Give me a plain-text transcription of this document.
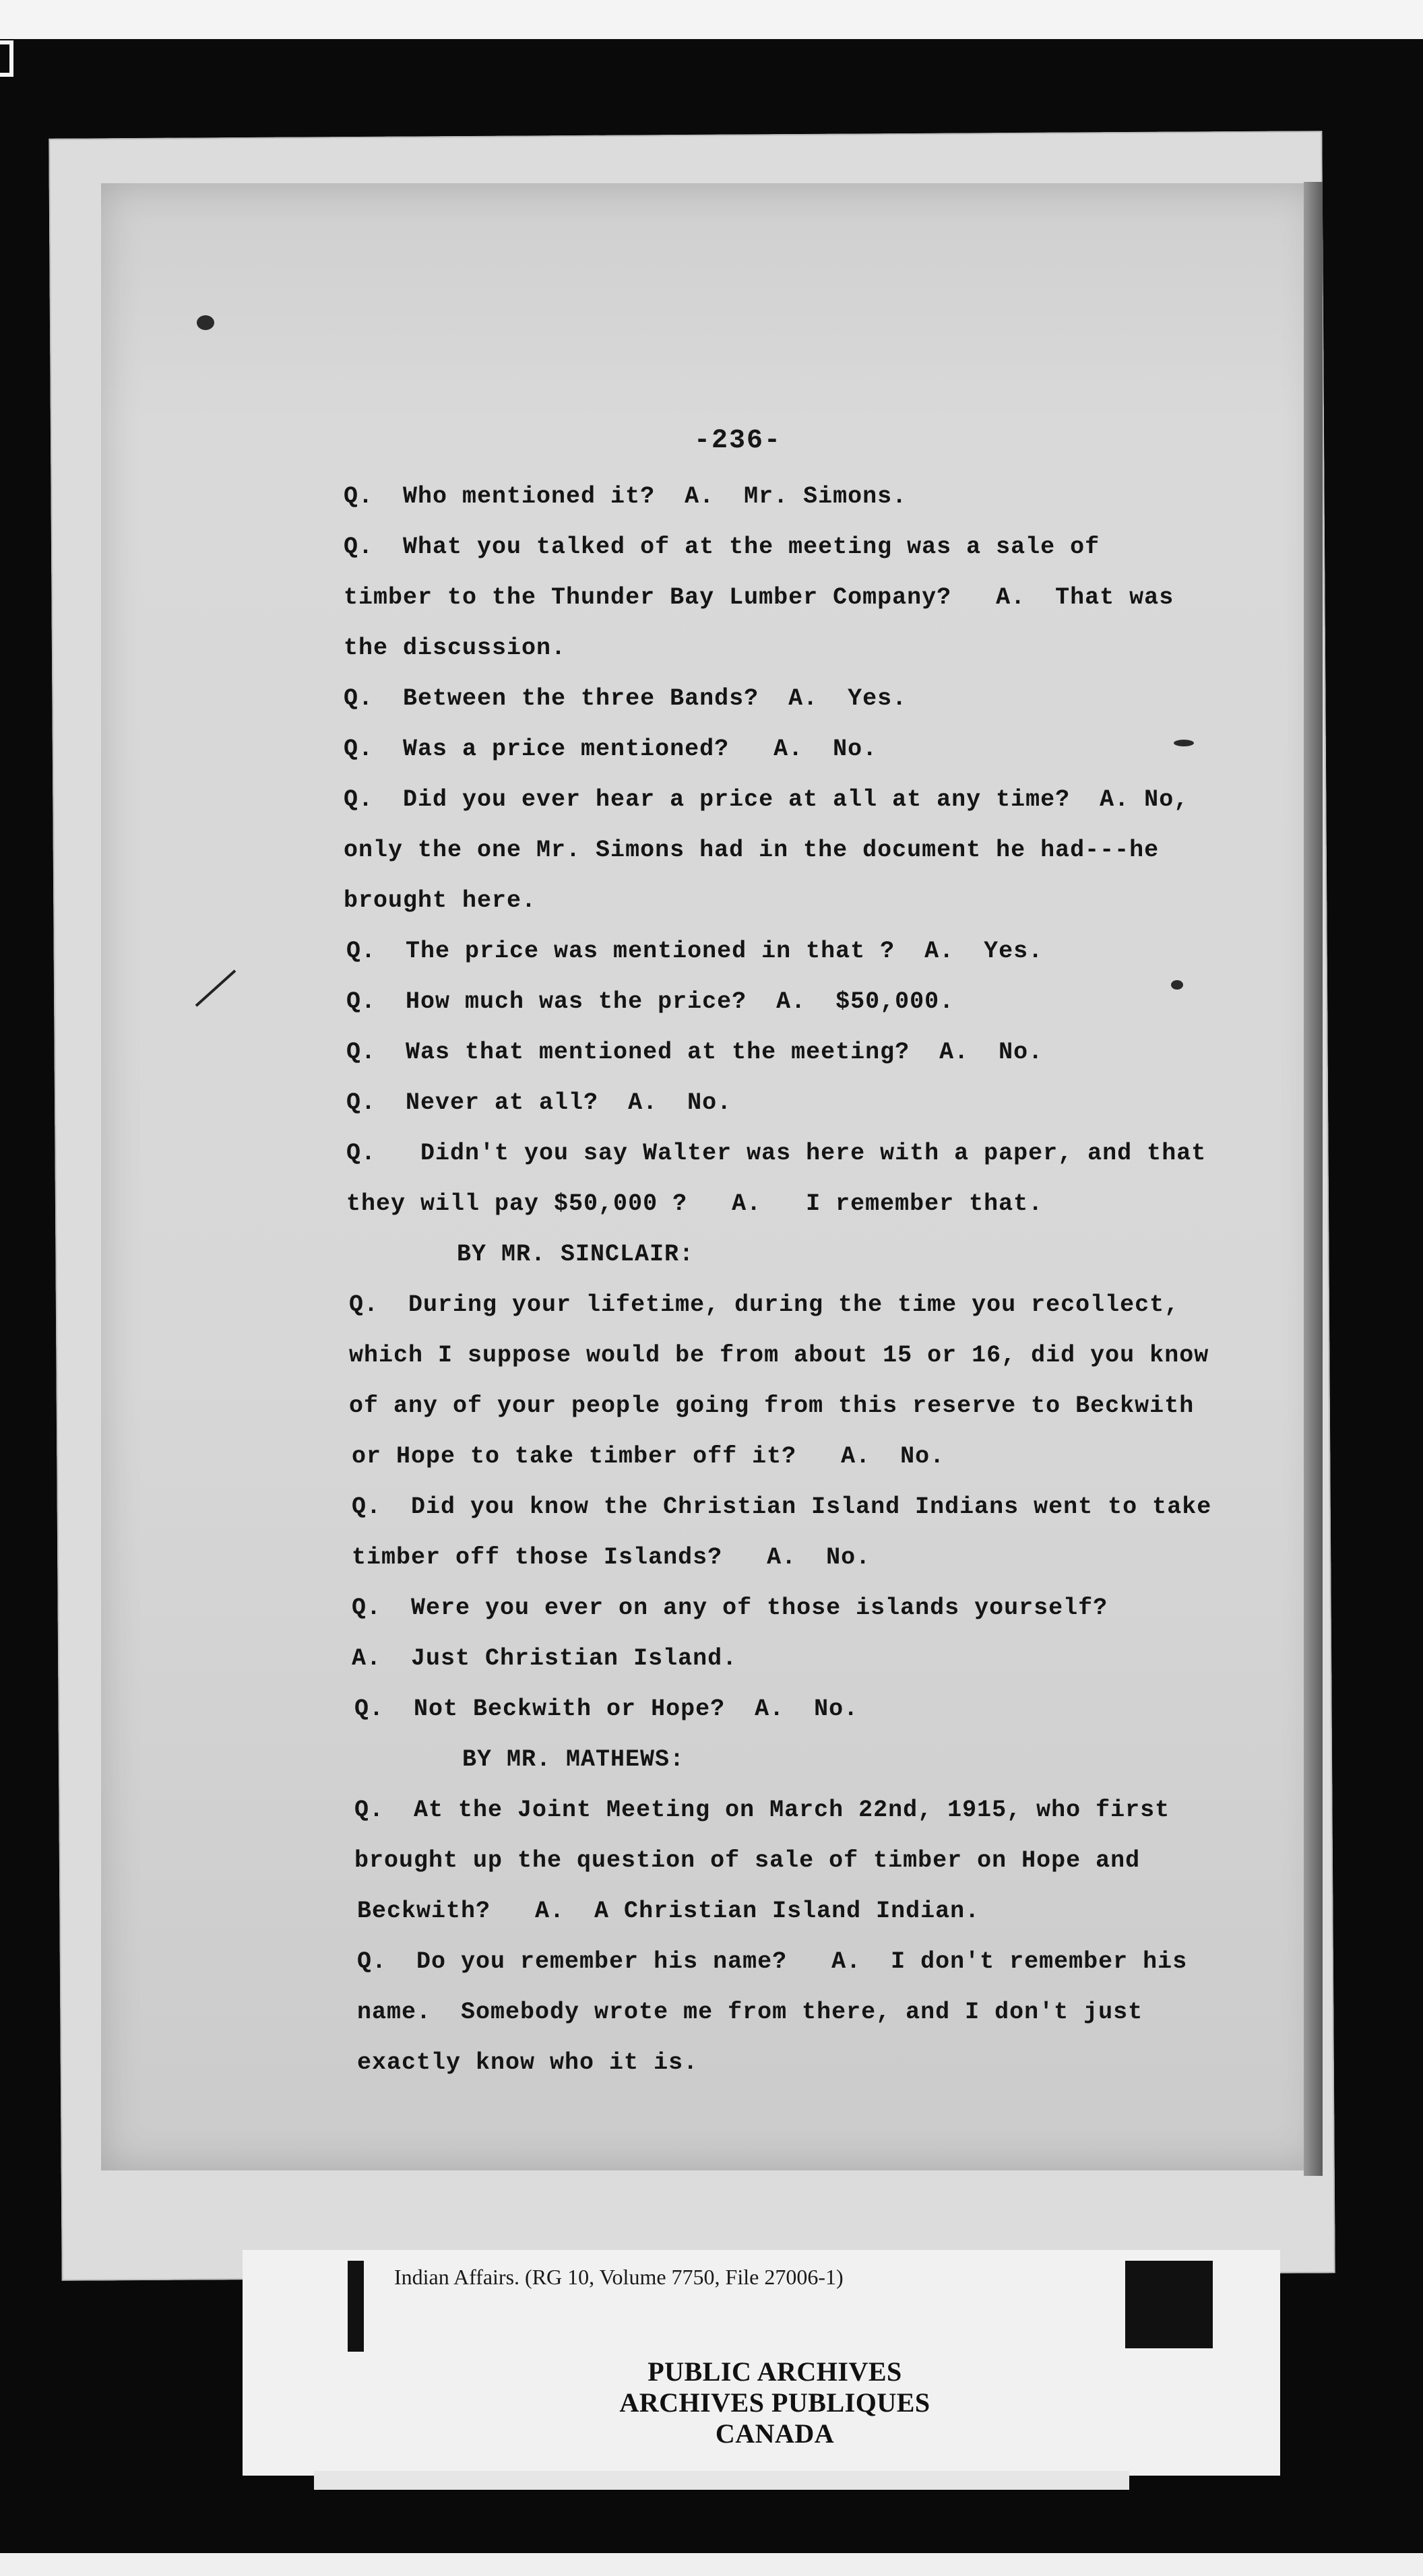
-236-
Q.  Who mentioned it?  A.  Mr. Simons.
Q.  What you talked of at the meeting was a sale of
timber to the Thunder Bay Lumber Company?   A.  That was
the discussion.
Q.  Between the three Bands?  A.  Yes.
Q.  Was a price mentioned?   A.  No.
Q.  Did you ever hear a price at all at any time?  A. No,
only the one Mr. Simons had in the document he had---he
brought here.
Q.  The price was mentioned in that ?  A.  Yes.
Q.  How much was the price?  A.  $50,000.
Q.  Was that mentioned at the meeting?  A.  No.
Q.  Never at all?  A.  No.
Q.   Didn't you say Walter was here with a paper, and that
they will pay $50,000 ?   A.   I remember that.
BY MR. SINCLAIR:
Q.  During your lifetime, during the time you recollect,
which I suppose would be from about 15 or 16, did you know
of any of your people going from this reserve to Beckwith
or Hope to take timber off it?   A.  No.
Q.  Did you know the Christian Island Indians went to take
timber off those Islands?   A.  No.
Q.  Were you ever on any of those islands yourself?
A.  Just Christian Island.
Q.  Not Beckwith or Hope?  A.  No.
BY MR. MATHEWS:
Q.  At the Joint Meeting on March 22nd, 1915, who first
brought up the question of sale of timber on Hope and
Beckwith?   A.  A Christian Island Indian.
Q.  Do you remember his name?   A.  I don't remember his
name.  Somebody wrote me from there, and I don't just
exactly know who it is.
Indian Affairs. (RG 10, Volume 7750, File 27006-1)
PUBLIC ARCHIVES
ARCHIVES PUBLIQUES
CANADA
